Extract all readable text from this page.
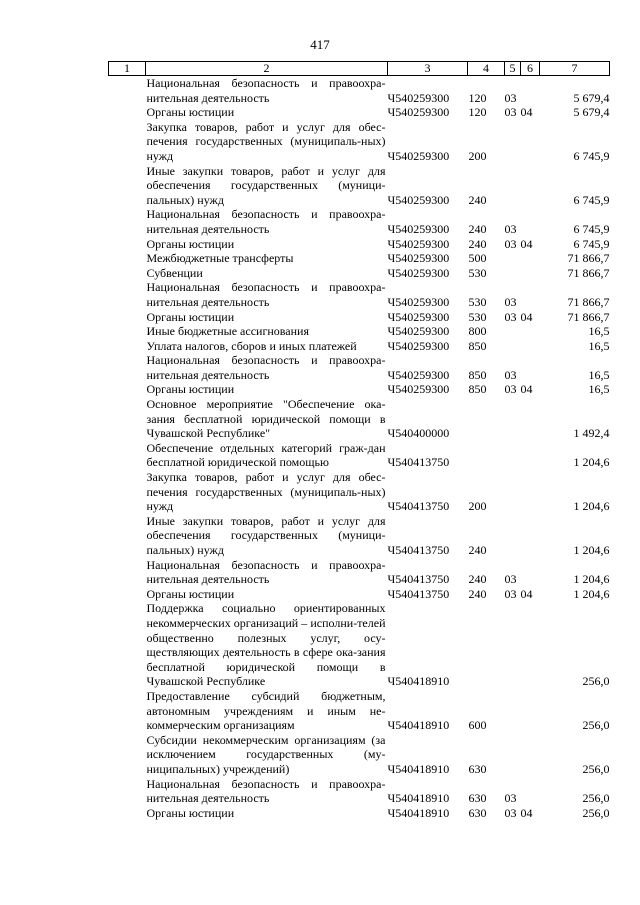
417
1	2	3	4	5	6	7
	Национальная безопасность и правоохра-нительная деятельность	Ч540259300	120	03		5 679,4
	Органы юстиции	Ч540259300	120	03	04	5 679,4
	Закупка товаров, работ и услуг для обес-печения государственных (муниципаль-ных) нужд	Ч540259300	200			6 745,9
	Иные закупки товаров, работ и услуг для обеспечения государственных (муници-пальных) нужд	Ч540259300	240			6 745,9
	Национальная безопасность и правоохра-нительная деятельность	Ч540259300	240	03		6 745,9
	Органы юстиции	Ч540259300	240	03	04	6 745,9
	Межбюджетные трансферты	Ч540259300	500			71 866,7
	Субвенции	Ч540259300	530			71 866,7
	Национальная безопасность и правоохра-нительная деятельность	Ч540259300	530	03		71 866,7
	Органы юстиции	Ч540259300	530	03	04	71 866,7
	Иные бюджетные ассигнования	Ч540259300	800			16,5
	Уплата налогов, сборов и иных платежей	Ч540259300	850			16,5
	Национальная безопасность и правоохра-нительная деятельность	Ч540259300	850	03		16,5
	Органы юстиции	Ч540259300	850	03	04	16,5
	Основное мероприятие "Обеспечение ока-зания бесплатной юридической помощи в Чувашской Республике"	Ч540400000				1 492,4
	Обеспечение отдельных категорий граж-дан бесплатной юридической помощью	Ч540413750				1 204,6
	Закупка товаров, работ и услуг для обес-печения государственных (муниципаль-ных) нужд	Ч540413750	200			1 204,6
	Иные закупки товаров, работ и услуг для обеспечения государственных (муници-пальных) нужд	Ч540413750	240			1 204,6
	Национальная безопасность и правоохра-нительная деятельность	Ч540413750	240	03		1 204,6
	Органы юстиции	Ч540413750	240	03	04	1 204,6
	Поддержка социально ориентированных некоммерческих организаций – исполни-телей общественно полезных услуг, осу-ществляющих деятельность в сфере ока-зания бесплатной юридической помощи в Чувашской Республике	Ч540418910				256,0
	Предоставление субсидий бюджетным, автономным учреждениям и иным не-коммерческим организациям	Ч540418910	600			256,0
	Субсидии некоммерческим организациям (за исключением государственных (му-ниципальных) учреждений)	Ч540418910	630			256,0
	Национальная безопасность и правоохра-нительная деятельность	Ч540418910	630	03		256,0
	Органы юстиции	Ч540418910	630	03	04	256,0
